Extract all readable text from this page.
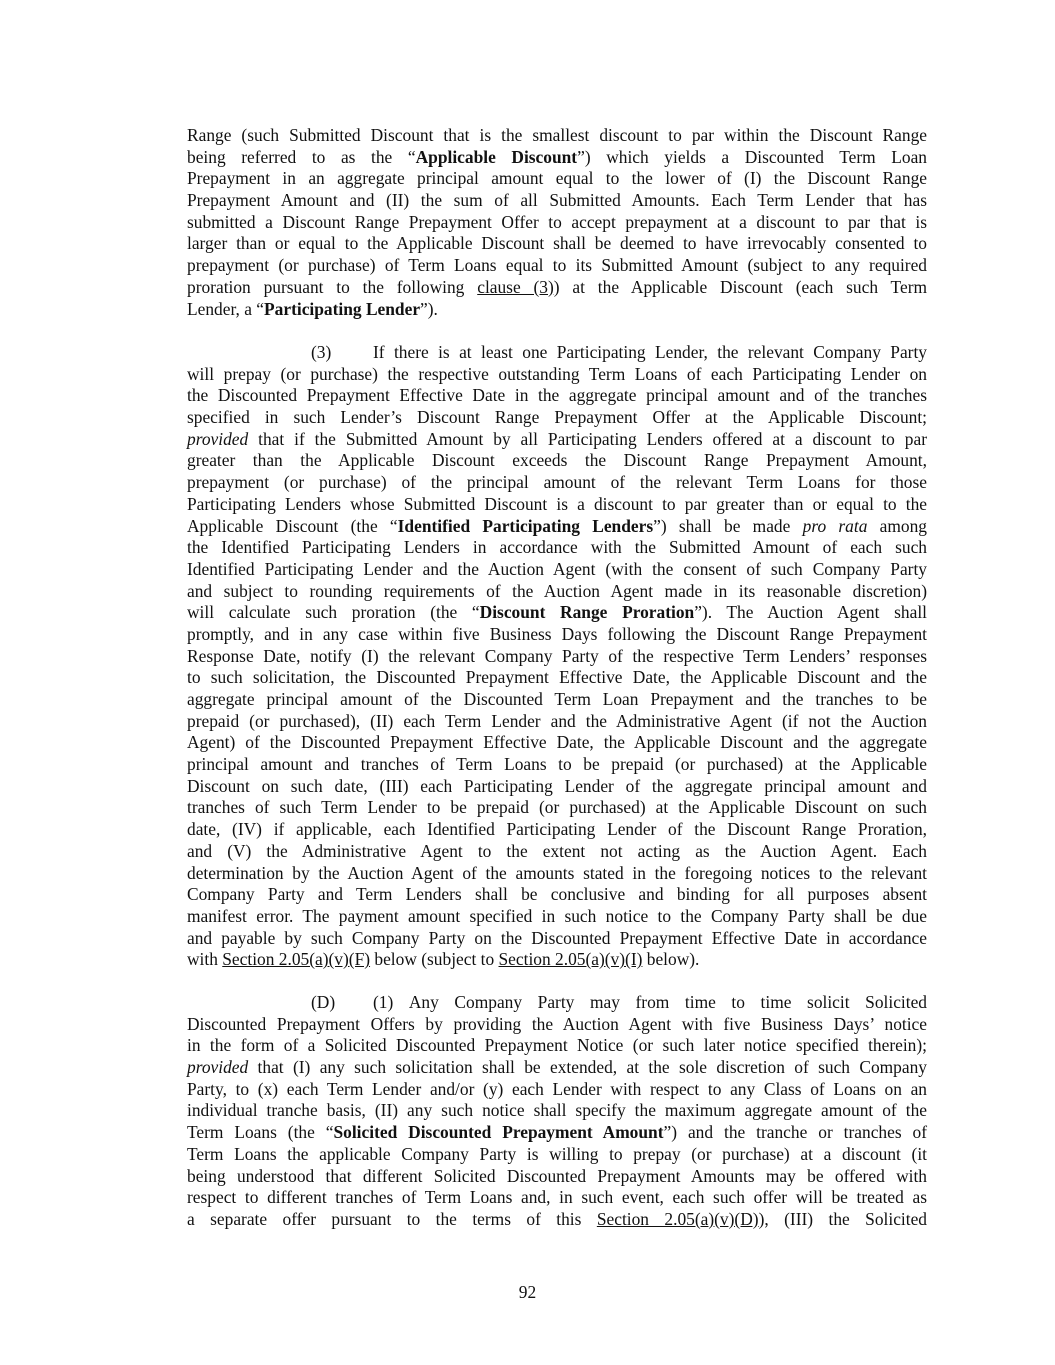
Range (such Submitted Discount that is the smallest discount to par within the Discount Range
being referred to as the “Applicable Discount”) which yields a Discounted Term Loan
Prepayment in an aggregate principal amount equal to the lower of (I) the Discount Range
Prepayment Amount and (II) the sum of all Submitted Amounts. Each Term Lender that has
submitted a Discount Range Prepayment Offer to accept prepayment at a discount to par that is
larger than or equal to the Applicable Discount shall be deemed to have irrevocably consented to
prepayment (or purchase) of Term Loans equal to its Submitted Amount (subject to any required
proration pursuant to the following clause (3)) at the Applicable Discount (each such Term
Lender, a “Participating Lender”).
(3) If there is at least one Participating Lender, the relevant Company Party
will prepay (or purchase) the respective outstanding Term Loans of each Participating Lender on
the Discounted Prepayment Effective Date in the aggregate principal amount and of the tranches
specified in such Lender’s Discount Range Prepayment Offer at the Applicable Discount;
provided that if the Submitted Amount by all Participating Lenders offered at a discount to par
greater than the Applicable Discount exceeds the Discount Range Prepayment Amount,
prepayment (or purchase) of the principal amount of the relevant Term Loans for those
Participating Lenders whose Submitted Discount is a discount to par greater than or equal to the
Applicable Discount (the “Identified Participating Lenders”) shall be made pro rata among
the Identified Participating Lenders in accordance with the Submitted Amount of each such
Identified Participating Lender and the Auction Agent (with the consent of such Company Party
and subject to rounding requirements of the Auction Agent made in its reasonable discretion)
will calculate such proration (the “Discount Range Proration”). The Auction Agent shall
promptly, and in any case within five Business Days following the Discount Range Prepayment
Response Date, notify (I) the relevant Company Party of the respective Term Lenders’ responses
to such solicitation, the Discounted Prepayment Effective Date, the Applicable Discount and the
aggregate principal amount of the Discounted Term Loan Prepayment and the tranches to be
prepaid (or purchased), (II) each Term Lender and the Administrative Agent (if not the Auction
Agent) of the Discounted Prepayment Effective Date, the Applicable Discount and the aggregate
principal amount and tranches of Term Loans to be prepaid (or purchased) at the Applicable
Discount on such date, (III) each Participating Lender of the aggregate principal amount and
tranches of such Term Lender to be prepaid (or purchased) at the Applicable Discount on such
date, (IV) if applicable, each Identified Participating Lender of the Discount Range Proration,
and (V) the Administrative Agent to the extent not acting as the Auction Agent. Each
determination by the Auction Agent of the amounts stated in the foregoing notices to the relevant
Company Party and Term Lenders shall be conclusive and binding for all purposes absent
manifest error. The payment amount specified in such notice to the Company Party shall be due
and payable by such Company Party on the Discounted Prepayment Effective Date in accordance
with Section 2.05(a)(v)(F) below (subject to Section 2.05(a)(v)(I) below).
(D) (1) Any Company Party may from time to time solicit Solicited
Discounted Prepayment Offers by providing the Auction Agent with five Business Days’ notice
in the form of a Solicited Discounted Prepayment Notice (or such later notice specified therein);
provided that (I) any such solicitation shall be extended, at the sole discretion of such Company
Party, to (x) each Term Lender and/or (y) each Lender with respect to any Class of Loans on an
individual tranche basis, (II) any such notice shall specify the maximum aggregate amount of the
Term Loans (the “Solicited Discounted Prepayment Amount”) and the tranche or tranches of
Term Loans the applicable Company Party is willing to prepay (or purchase) at a discount (it
being understood that different Solicited Discounted Prepayment Amounts may be offered with
respect to different tranches of Term Loans and, in such event, each such offer will be treated as
a separate offer pursuant to the terms of this Section 2.05(a)(v)(D)), (III) the Solicited
92
